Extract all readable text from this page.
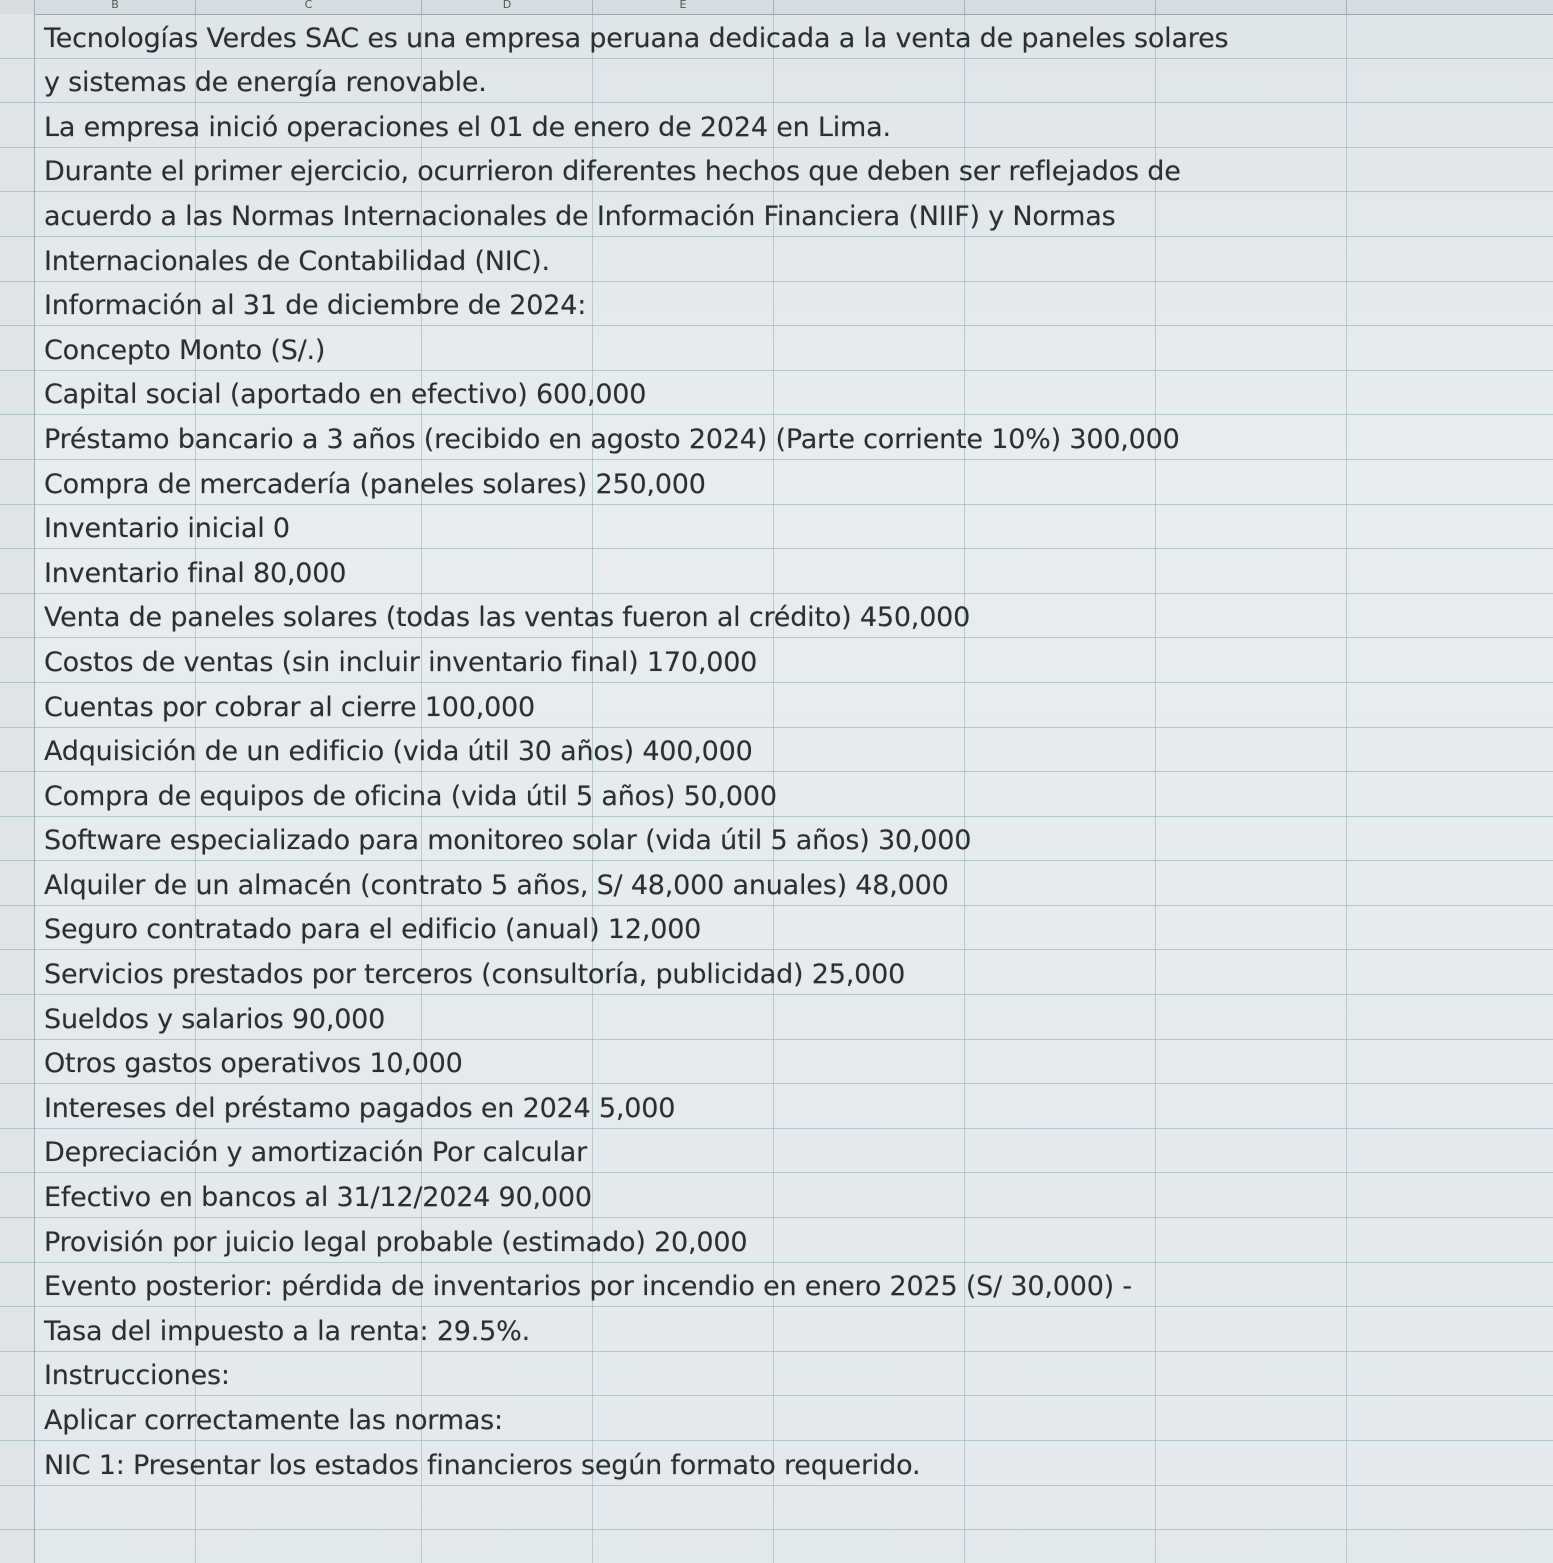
B	C	D	E
Tecnologías Verdes SAC es una empresa peruana dedicada a la venta de paneles solares
y sistemas de energía renovable.
La empresa inició operaciones el 01 de enero de 2024 en Lima.
Durante el primer ejercicio, ocurrieron diferentes hechos que deben ser reflejados de
acuerdo a las Normas Internacionales de Información Financiera (NIIF) y Normas
Internacionales de Contabilidad (NIC).
Información al 31 de diciembre de 2024:
Concepto Monto (S/.)
Capital social (aportado en efectivo) 600,000
Préstamo bancario a 3 años (recibido en agosto 2024) (Parte corriente 10%) 300,000
Compra de mercadería (paneles solares) 250,000
Inventario inicial 0
Inventario final 80,000
Venta de paneles solares (todas las ventas fueron al crédito) 450,000
Costos de ventas (sin incluir inventario final) 170,000
Cuentas por cobrar al cierre 100,000
Adquisición de un edificio (vida útil 30 años) 400,000
Compra de equipos de oficina (vida útil 5 años) 50,000
Software especializado para monitoreo solar (vida útil 5 años) 30,000
Alquiler de un almacén (contrato 5 años, S/ 48,000 anuales) 48,000
Seguro contratado para el edificio (anual) 12,000
Servicios prestados por terceros (consultoría, publicidad) 25,000
Sueldos y salarios 90,000
Otros gastos operativos 10,000
Intereses del préstamo pagados en 2024 5,000
Depreciación y amortización Por calcular
Efectivo en bancos al 31/12/2024 90,000
Provisión por juicio legal probable (estimado) 20,000
Evento posterior: pérdida de inventarios por incendio en enero 2025 (S/ 30,000) -
Tasa del impuesto a la renta: 29.5%.
Instrucciones:
Aplicar correctamente las normas:
NIC 1: Presentar los estados financieros según formato requerido.
